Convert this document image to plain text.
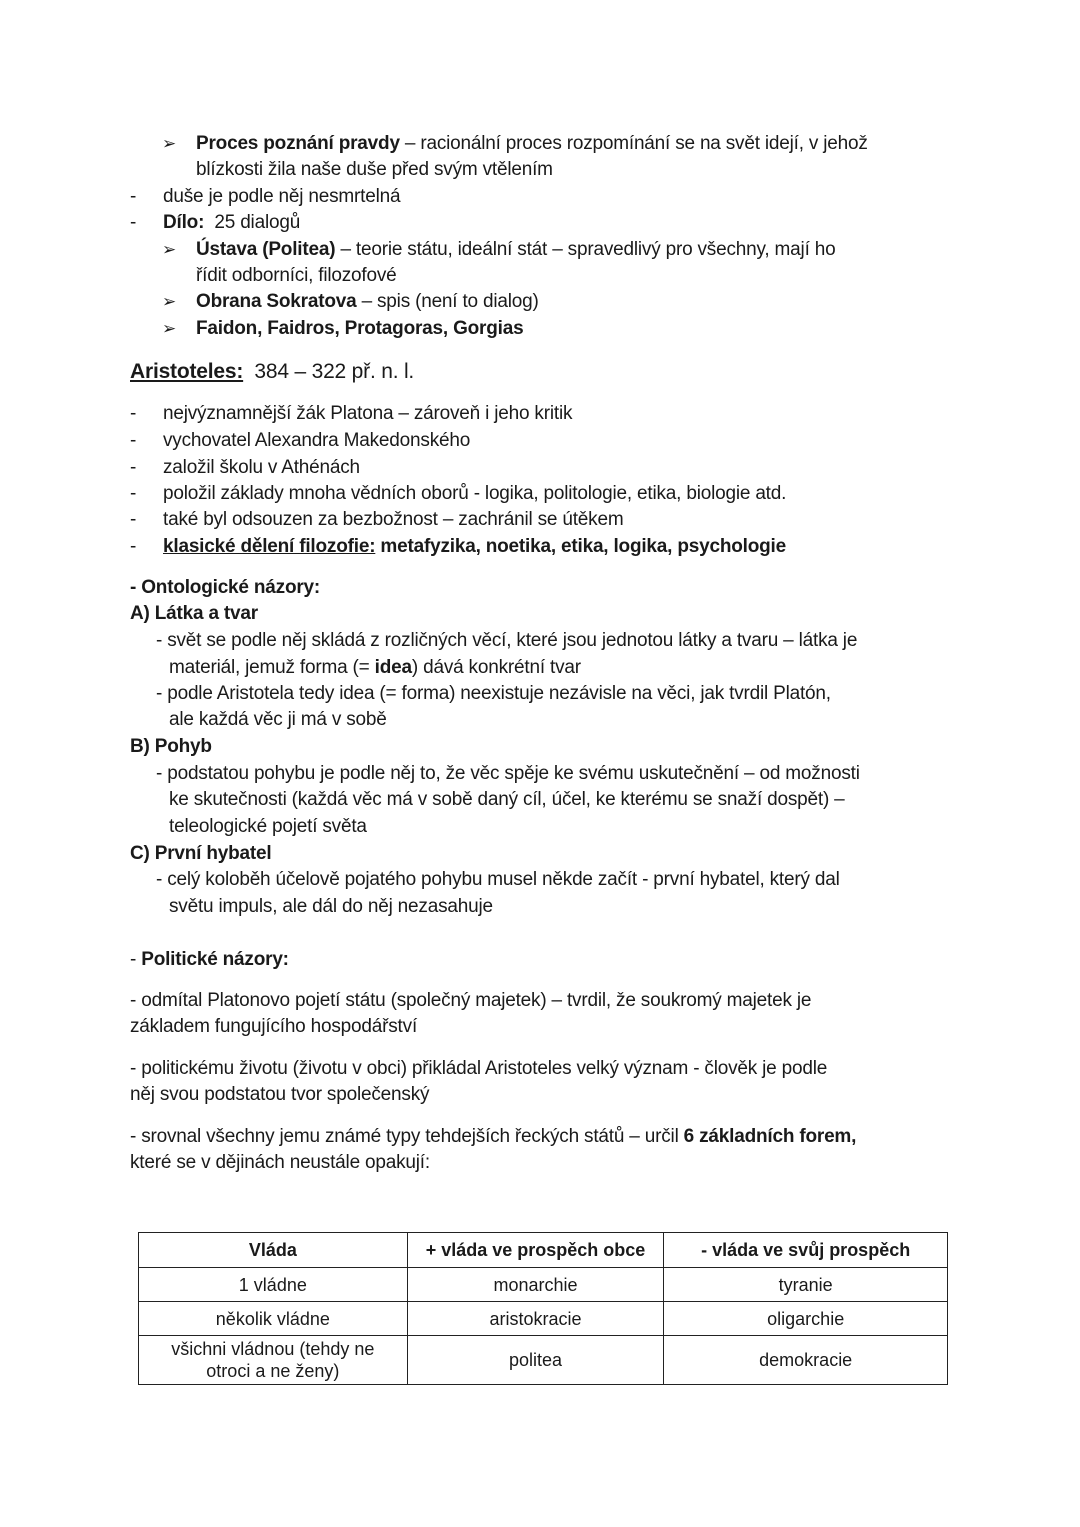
➢ Proces poznání pravdy – racionální proces rozpomínání se na svět idejí, v jehož
blízkosti žila naše duše před svým vtělením
- duše je podle něj nesmrtelná
- Dílo:  25 dialogů
➢ Ústava (Politea) – teorie státu, ideální stát – spravedlivý pro všechny, mají ho
řídit odborníci, filozofové
➢ Obrana Sokratova – spis (není to dialog)
➢ Faidon, Faidros, Protagoras, Gorgias
Aristoteles:  384 – 322 př. n. l.
- nejvýznamnější žák Platona – zároveň i jeho kritik
- vychovatel Alexandra Makedonského
- založil školu v Athénách
- položil základy mnoha vědních oborů - logika, politologie, etika, biologie atd.
- také byl odsouzen za bezbožnost – zachránil se útěkem
- klasické dělení filozofie: metafyzika, noetika, etika, logika, psychologie
- Ontologické názory:
A) Látka a tvar
- svět se podle něj skládá z rozličných věcí, které jsou jednotou látky a tvaru – látka je
materiál, jemuž forma (= idea) dává konkrétní tvar
- podle Aristotela tedy idea (= forma) neexistuje nezávisle na věci, jak tvrdil Platón,
ale každá věc ji má v sobě
B) Pohyb
- podstatou pohybu je podle něj to, že věc spěje ke svému uskutečnění – od možnosti
ke skutečnosti (každá věc má v sobě daný cíl, účel, ke kterému se snaží dospět) –
teleologické pojetí světa
C) První hybatel
- celý koloběh účelově pojatého pohybu musel někde začít - první hybatel, který dal
světu impuls, ale dál do něj nezasahuje
- Politické názory:
- odmítal Platonovo pojetí státu (společný majetek) – tvrdil, že soukromý majetek je
základem fungujícího hospodářství
- politickému životu (životu v obci) přikládal Aristoteles velký význam - člověk je podle
něj svou podstatou tvor společenský
- srovnal všechny jemu známé typy tehdejších řeckých států – určil 6 základních forem,
které se v dějinách neustále opakují:
Vláda	+ vláda ve prospěch obce	- vláda ve svůj prospěch
1 vládne	monarchie	tyranie
několik vládne	aristokracie	oligarchie
všichni vládnou (tehdy ne otroci a ne ženy)	politea	demokracie
